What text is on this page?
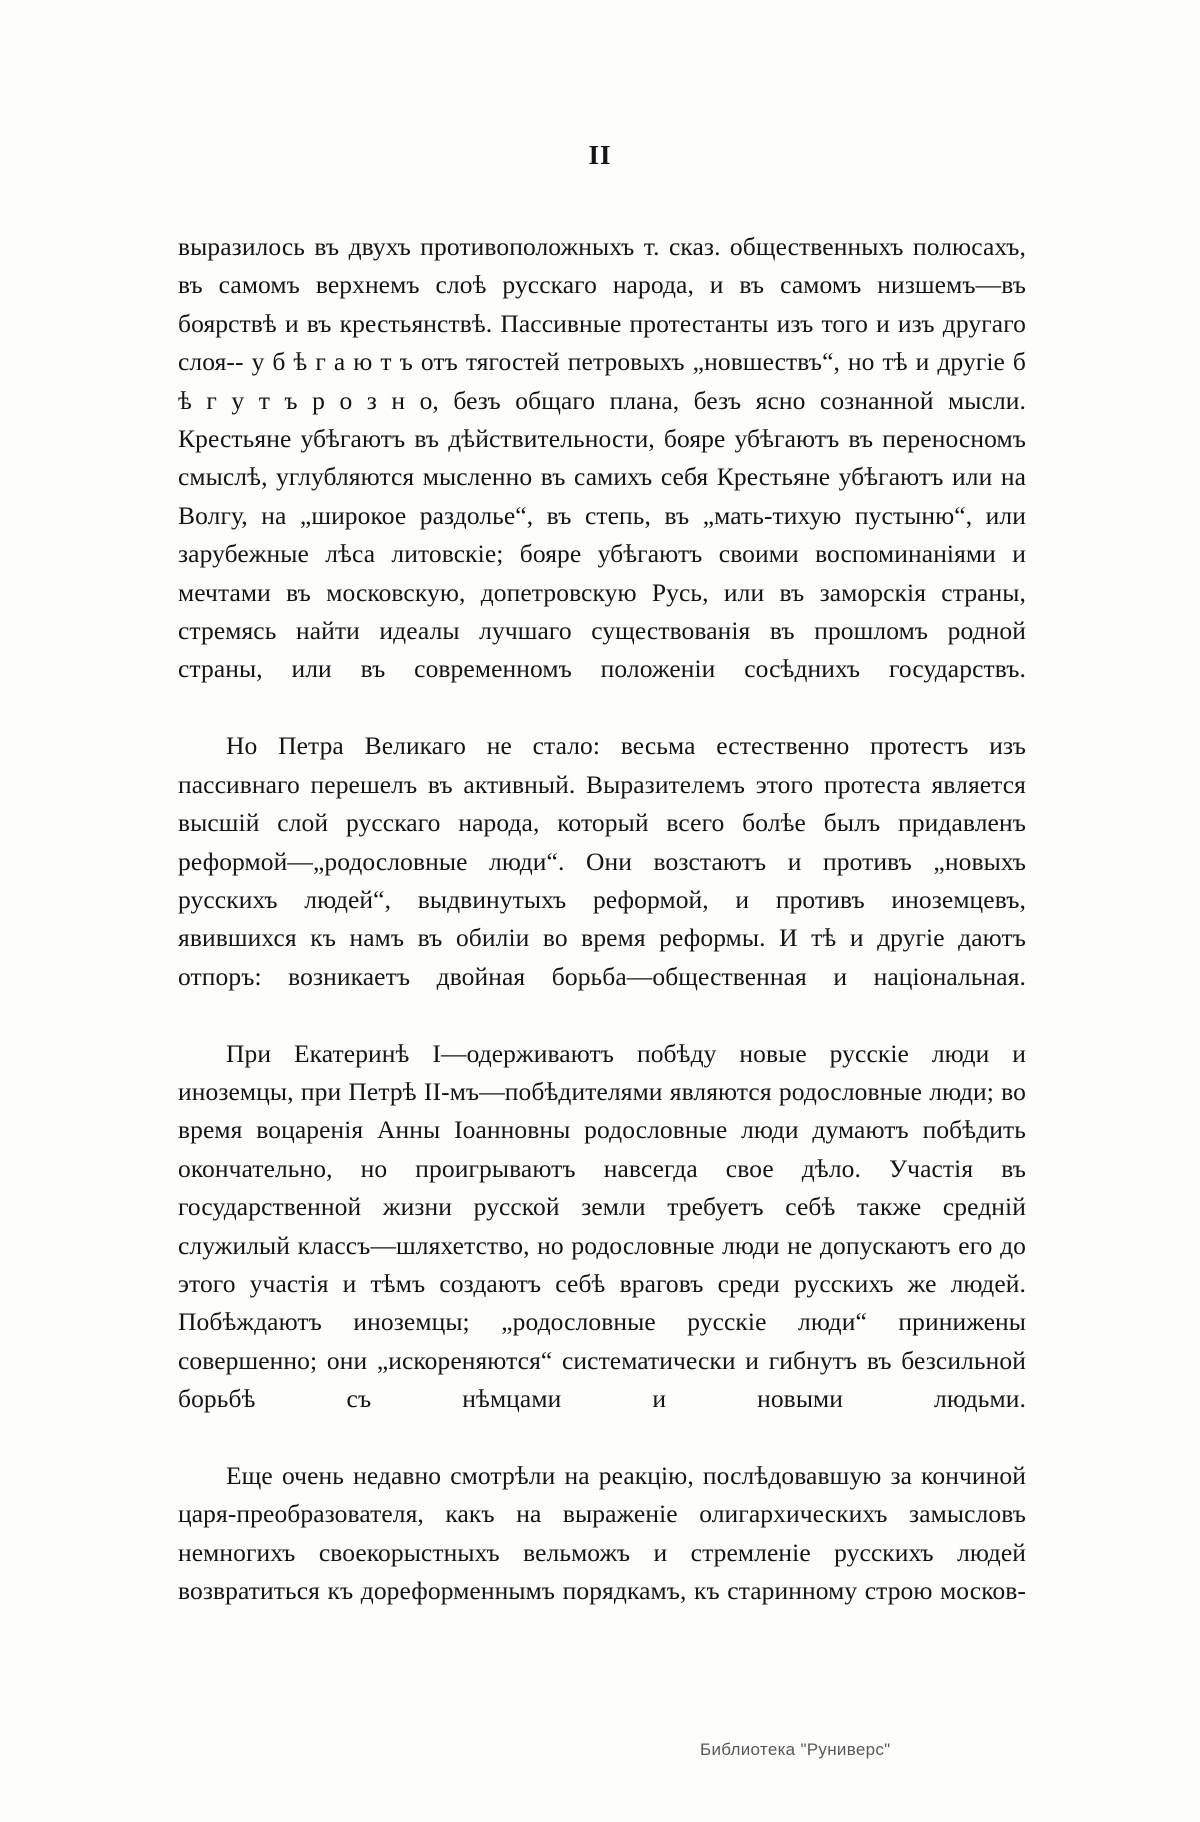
II

выразилось въ двухъ противоположныхъ т. сказ. общественныхъ полюсахъ, въ самомъ верхнемъ слоѣ русскаго народа, и въ самомъ низшемъ—въ боярствѣ и въ крестьянствѣ. Пассивные протестанты изъ того и изъ другаго слоя-- у б ѣ г а ю т ъ отъ тягостей петровыхъ „новшествъ“, но тѣ и другіе б ѣ г у т ъ р о з н о, безъ общаго плана, безъ ясно сознанной мысли. Крестьяне убѣгаютъ въ дѣйствительности, бояре убѣгаютъ въ переносномъ смыслѣ, углубляются мысленно въ самихъ себя Крестьяне убѣгаютъ или на Волгу, на „широкое раздолье“, въ степь, въ „мать-тихую пустыню“, или зарубежные лѣса литовскіе; бояре убѣгаютъ своими воспоминаніями и мечтами въ московскую, допетровскую Русь, или въ заморскія страны, стремясь найти идеалы лучшаго существованія въ прошломъ родной страны, или въ современномъ положеніи сосѣднихъ государствъ.

Но Петра Великаго не стало: весьма естественно протестъ изъ пассивнаго перешелъ въ активный. Выразителемъ этого протеста является высшій слой русскаго народа, который всего болѣе былъ придавленъ реформой—„родословные люди“. Они возстаютъ и противъ „новыхъ русскихъ людей“, выдвинутыхъ реформой, и противъ иноземцевъ, явившихся къ намъ въ обиліи во время реформы. И тѣ и другіе даютъ отпоръ: возникаетъ двойная борьба—общественная и національная.

При Екатеринѣ I—одерживаютъ побѣду новые русскіе люди и иноземцы, при Петрѣ II-мъ—побѣдителями являются родословные люди; во время воцаренія Анны Іоанновны родословные люди думаютъ побѣдить окончательно, но проигрываютъ навсегда свое дѣло. Участія въ государственной жизни русской земли требуетъ себѣ также средній служилый классъ—шляхетство, но родословные люди не допускаютъ его до этого участія и тѣмъ создаютъ себѣ враговъ среди русскихъ же людей. Побѣждаютъ иноземцы; „родословные русскіе люди“ принижены совершенно; они „искореняются“ систематически и гибнутъ въ безсильной борьбѣ съ нѣмцами и новыми людьми.

Еще очень недавно смотрѣли на реакцію, послѣдовавшую за кончиной царя-преобразователя, какъ на выраженіе олигархическихъ замысловъ немногихъ своекорыстныхъ вельможъ и стремленіе русскихъ людей возвратиться къ дореформеннымъ порядкамъ, къ старинному строю москов-

Библиотека "Руниверс"
